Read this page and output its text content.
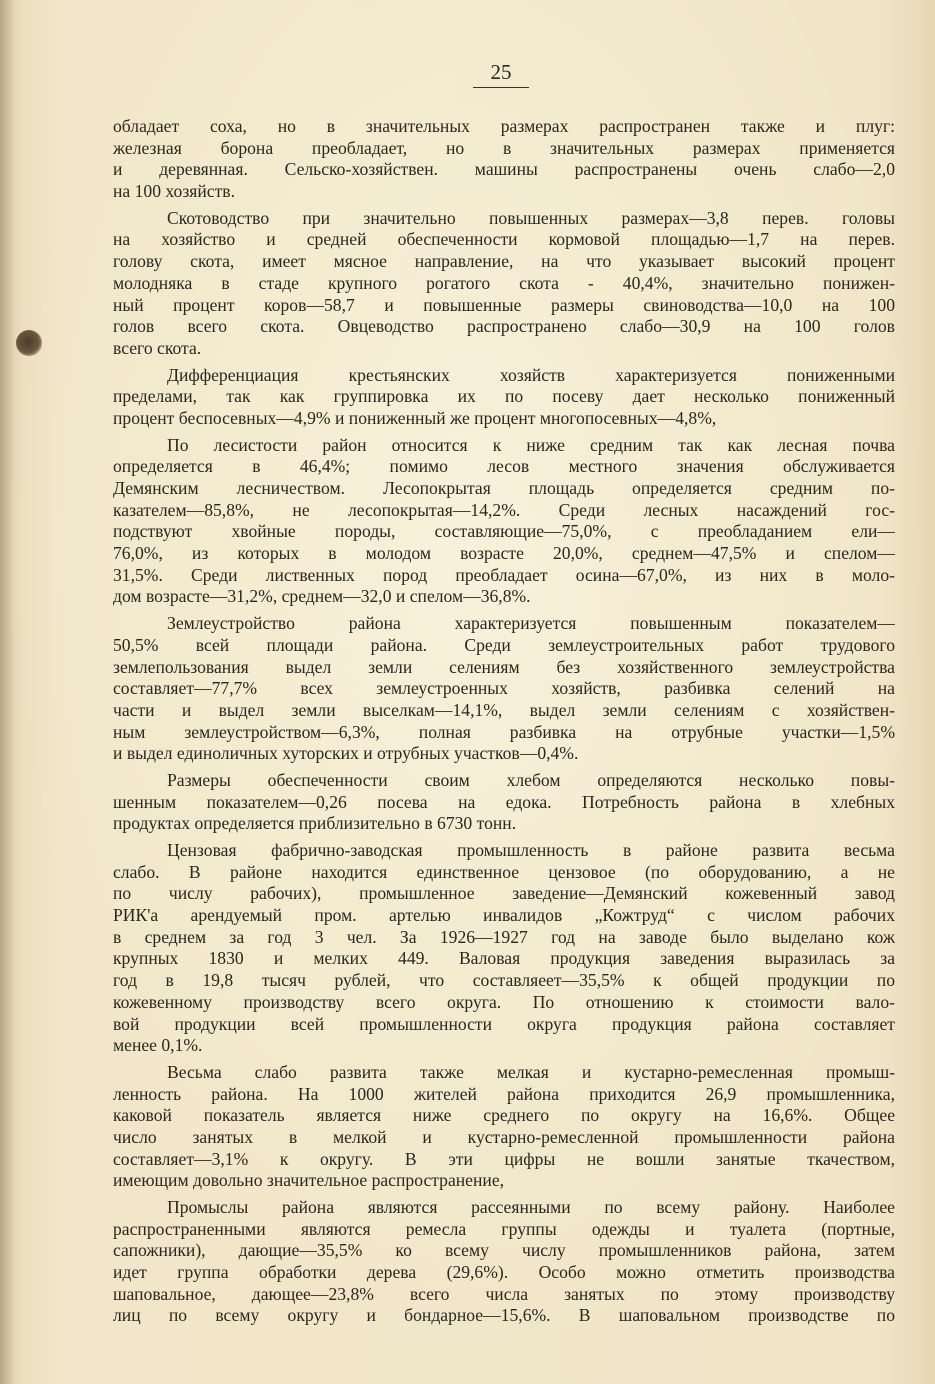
25
обладает соха, но в значительных размерах распространен также и плуг:
железная борона преобладает, но в значительных размерах применяется
и деревянная. Сельско-хозяйствен. машины распространены очень слабо—2,0
на 100 хозяйств.
Скотоводство при значительно повышенных размерах—3,8 перев. головы
на хозяйство и средней обеспеченности кормовой площадью—1,7 на перев.
голову скота, имеет мясное направление, на что указывает высокий процент
молодняка в стаде крупного рогатого скота - 40,4%, значительно понижен-
ный процент коров—58,7 и повышенные размеры свиноводства—10,0 на 100
голов всего скота. Овцеводство распространено слабо—30,9 на 100 голов
всего скота.
Дифференциация крестьянских хозяйств характеризуется пониженными
пределами, так как группировка их по посеву дает несколько пониженный
процент беспосевных—4,9% и пониженный же процент многопосевных—4,8%,
По лесистости район относится к ниже средним так как лесная почва
определяется в 46,4%; помимо лесов местного значения обслуживается
Демянским лесничеством. Лесопокрытая площадь определяется средним по-
казателем—85,8%, не лесопокрытая—14,2%. Среди лесных насаждений гос-
подствуют хвойные породы, составляющие—75,0%, с преобладанием ели—
76,0%, из которых в молодом возрасте 20,0%, среднем—47,5% и спелом—
31,5%. Среди лиственных пород преобладает осина—67,0%, из них в моло-
дом возрасте—31,2%, среднем—32,0 и спелом—36,8%.
Землеустройство района характеризуется повышенным показателем—
50,5% всей площади района. Среди землеустроительных работ трудового
землепользования выдел земли селениям без хозяйственного землеустройства
составляет—77,7% всех землеустроенных хозяйств, разбивка селений на
части и выдел земли выселкам—14,1%, выдел земли селениям с хозяйствен-
ным землеустройством—6,3%, полная разбивка на отрубные участки—1,5%
и выдел единоличных хуторских и отрубных участков—0,4%.
Размеры обеспеченности своим хлебом определяются несколько повы-
шенным показателем—0,26 посева на едока. Потребность района в хлебных
продуктах определяется приблизительно в 6730 тонн.
Цензовая фабрично-заводская промышленность в районе развита весьма
слабо. В районе находится единственное цензовое (по оборудованию, а не
по числу рабочих), промышленное заведение—Демянский кожевенный завод
РИК'а арендуемый пром. артелью инвалидов „Кожтруд“ с числом рабочих
в среднем за год 3 чел. За 1926—1927 год на заводе было выделано кож
крупных 1830 и мелких 449. Валовая продукция заведения выразилась за
год в 19,8 тысяч рублей, что составляеет—35,5% к общей продукции по
кожевенному производству всего округа. По отношению к стоимости вало-
вой продукции всей промышленности округа продукция района составляет
менее 0,1%.
Весьма слабо развита также мелкая и кустарно-ремесленная промыш-
ленность района. На 1000 жителей района приходится 26,9 промышленника,
каковой показатель является ниже среднего по округу на 16,6%. Общее
число занятых в мелкой и кустарно-ремесленной промышленности района
составляет—3,1% к округу. В эти цифры не вошли занятые ткачеством,
имеющим довольно значительное распространение,
Промыслы района являются рассеянными по всему району. Наиболее
распространенными являются ремесла группы одежды и туалета (портные,
сапожники), дающие—35,5% ко всему числу промышленников района, затем
идет группа обработки дерева (29,6%). Особо можно отметить производства
шаповальное, дающее—23,8% всего числа занятых по этому производству
лиц по всему округу и бондарное—15,6%. В шаповальном производстве по
